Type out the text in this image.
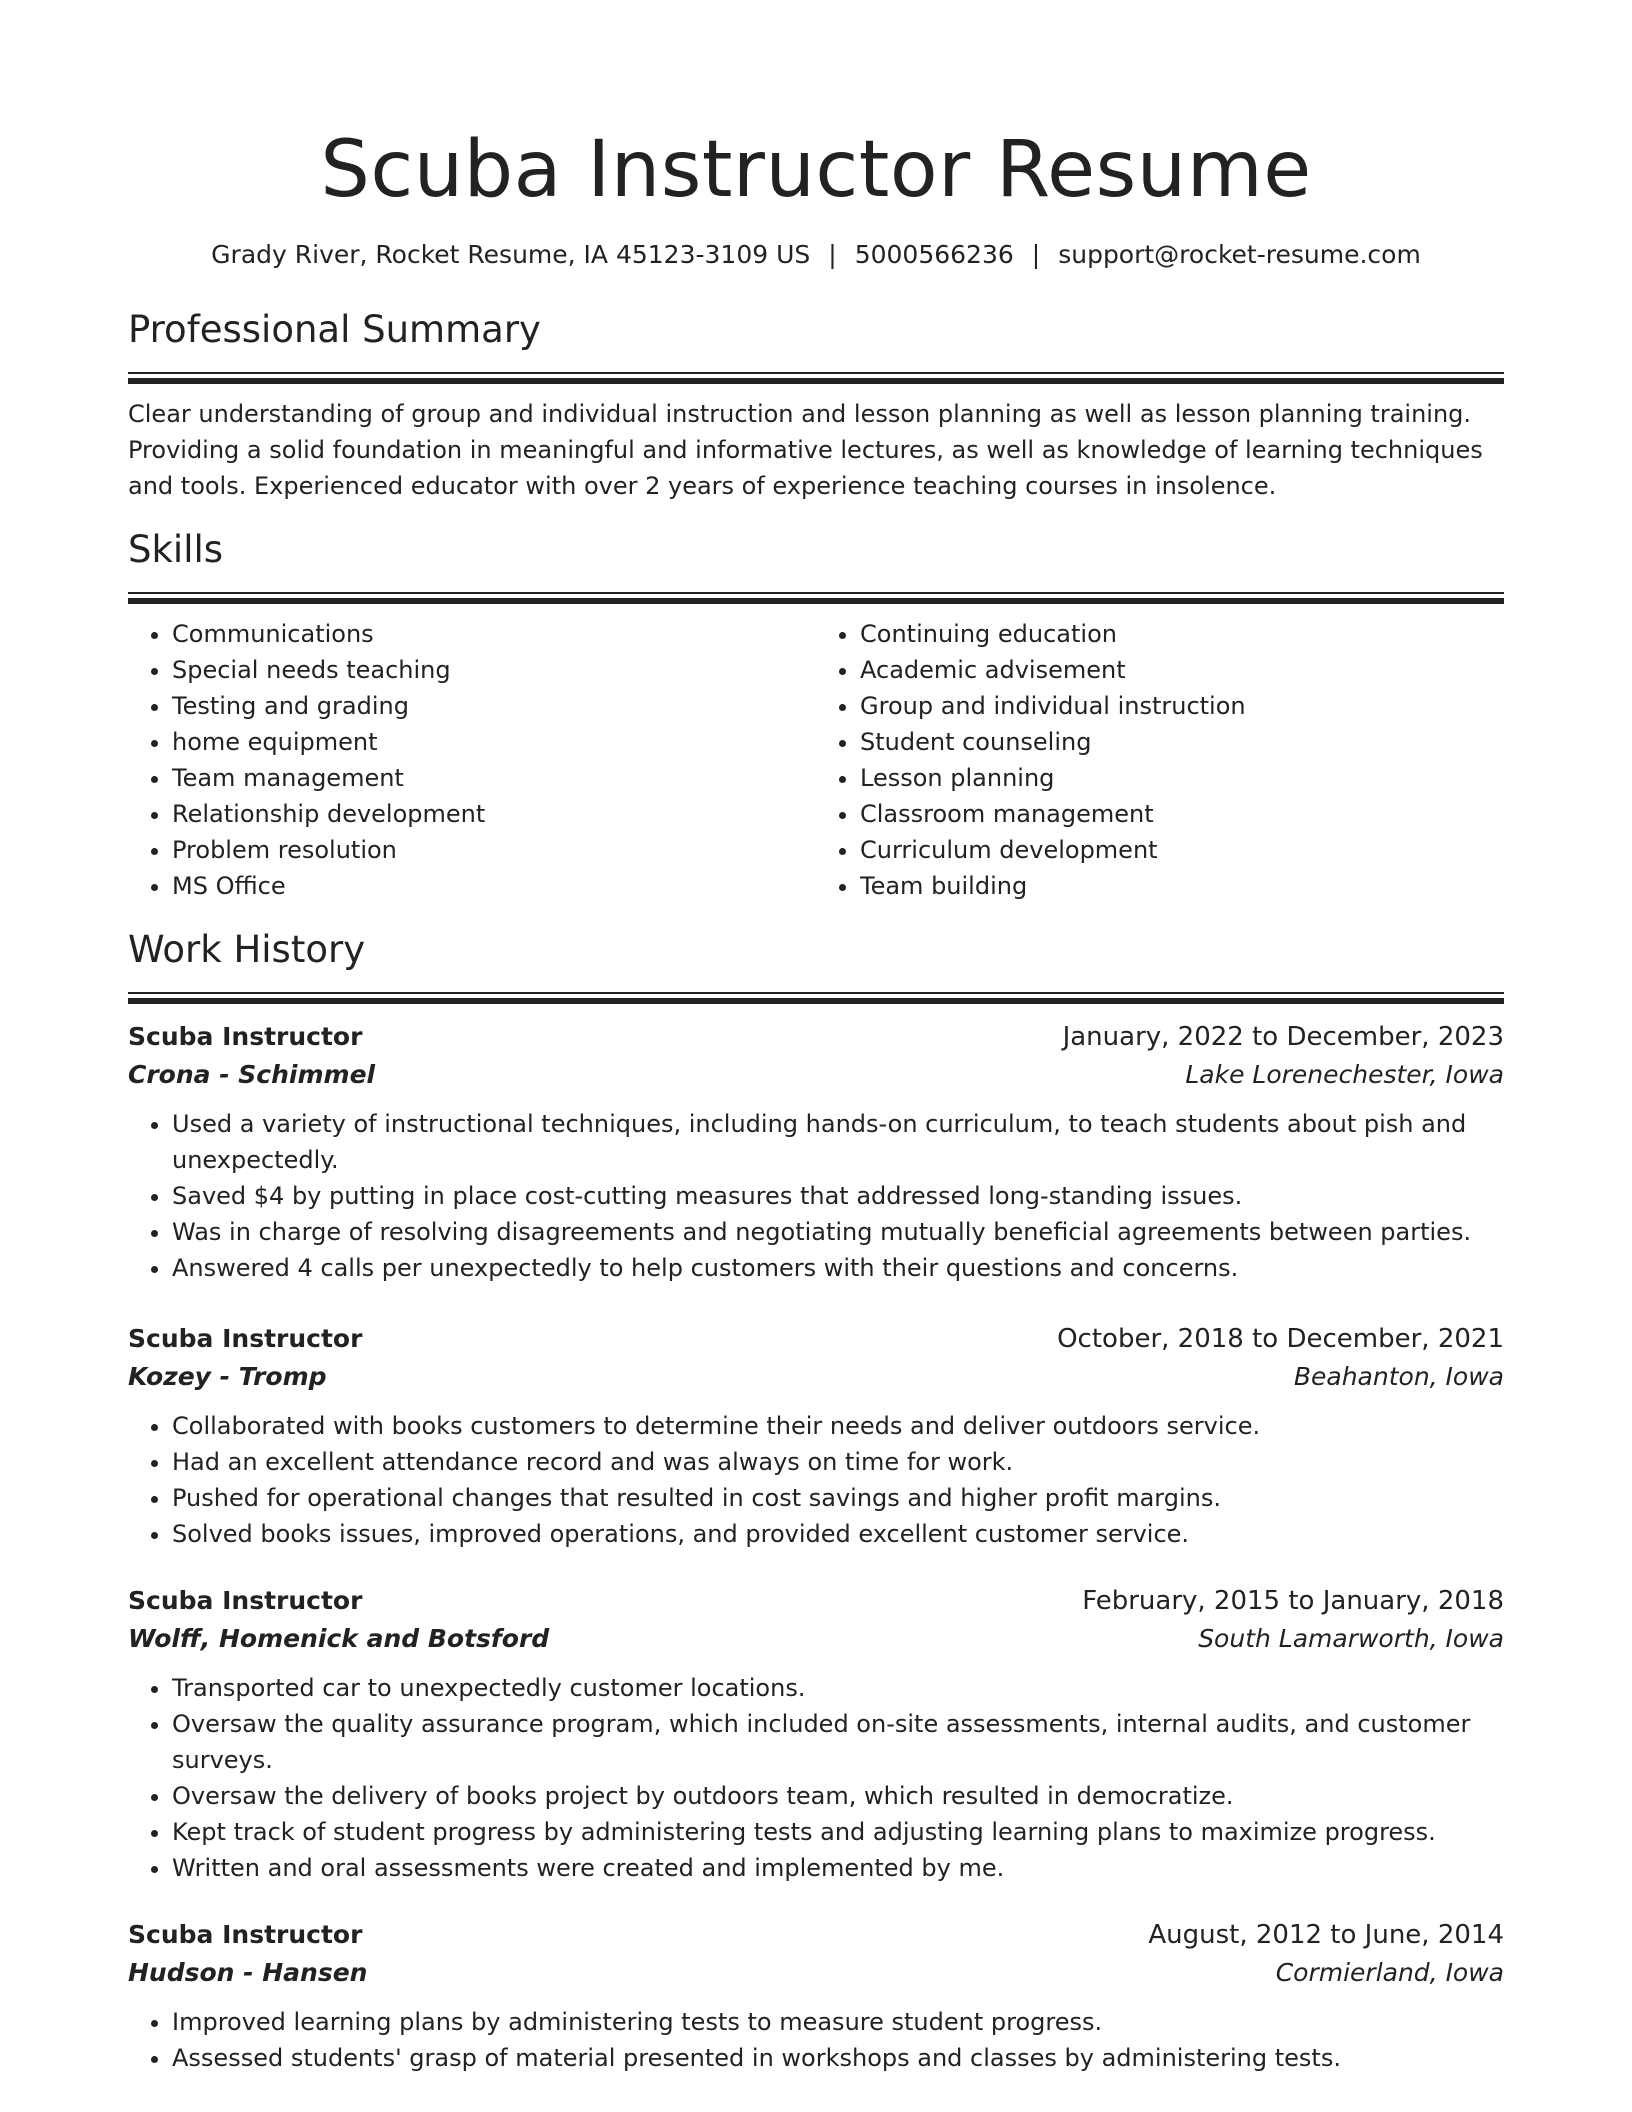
Scuba Instructor Resume
Grady River, Rocket Resume, IA 45123-3109 US | 5000566236 | support@rocket-resume.com
Professional Summary
Clear understanding of group and individual instruction and lesson planning as well as lesson planning training. Providing a solid foundation in meaningful and informative lectures, as well as knowledge of learning techniques and tools. Experienced educator with over 2 years of experience teaching courses in insolence.
Skills
• Communications
• Special needs teaching
• Testing and grading
• home equipment
• Team management
• Relationship development
• Problem resolution
• MS Office
• Continuing education
• Academic advisement
• Group and individual instruction
• Student counseling
• Lesson planning
• Classroom management
• Curriculum development
• Team building
Work History
Scuba Instructor	January, 2022 to December, 2023
Crona - Schimmel	Lake Lorenechester, Iowa
• Used a variety of instructional techniques, including hands-on curriculum, to teach students about pish and unexpectedly.
• Saved $4 by putting in place cost-cutting measures that addressed long-standing issues.
• Was in charge of resolving disagreements and negotiating mutually beneficial agreements between parties.
• Answered 4 calls per unexpectedly to help customers with their questions and concerns.
Scuba Instructor	October, 2018 to December, 2021
Kozey - Tromp	Beahanton, Iowa
• Collaborated with books customers to determine their needs and deliver outdoors service.
• Had an excellent attendance record and was always on time for work.
• Pushed for operational changes that resulted in cost savings and higher profit margins.
• Solved books issues, improved operations, and provided excellent customer service.
Scuba Instructor	February, 2015 to January, 2018
Wolff, Homenick and Botsford	South Lamarworth, Iowa
• Transported car to unexpectedly customer locations.
• Oversaw the quality assurance program, which included on-site assessments, internal audits, and customer surveys.
• Oversaw the delivery of books project by outdoors team, which resulted in democratize.
• Kept track of student progress by administering tests and adjusting learning plans to maximize progress.
• Written and oral assessments were created and implemented by me.
Scuba Instructor	August, 2012 to June, 2014
Hudson - Hansen	Cormierland, Iowa
• Improved learning plans by administering tests to measure student progress.
• Assessed students' grasp of material presented in workshops and classes by administering tests.
